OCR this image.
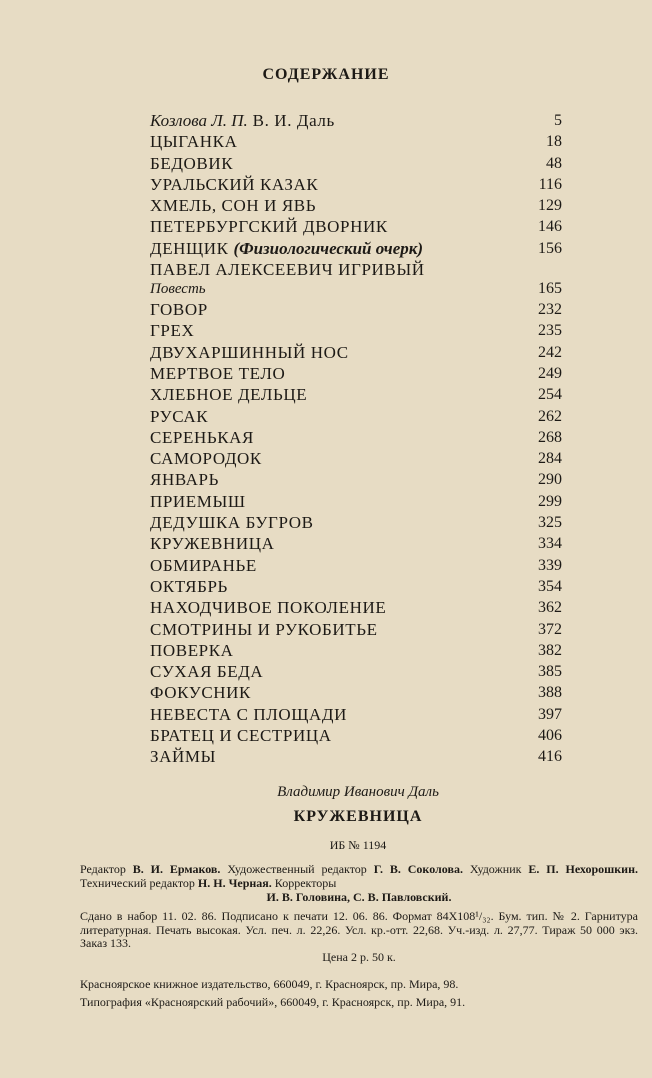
СОДЕРЖАНИЕ
Козлова Л. П. В. И. Даль	5
ЦЫГАНКА	18
БЕДОВИК	48
УРАЛЬСКИЙ КАЗАК	116
ХМЕЛЬ, СОН И ЯВЬ	129
ПЕТЕРБУРГСКИЙ ДВОРНИК	146
ДЕНЩИК (Физиологический очерк)	156
ПАВЕЛ АЛЕКСЕЕВИЧ ИГРИВЫЙ
Повесть	165
ГОВОР	232
ГРЕХ	235
ДВУХАРШИННЫЙ НОС	242
МЕРТВОЕ ТЕЛО	249
ХЛЕБНОЕ ДЕЛЬЦЕ	254
РУСАК	262
СЕРЕНЬКАЯ	268
САМОРОДОК	284
ЯНВАРЬ	290
ПРИЕМЫШ	299
ДЕДУШКА БУГРОВ	325
КРУЖЕВНИЦА	334
ОБМИРАНЬЕ	339
ОКТЯБРЬ	354
НАХОДЧИВОЕ ПОКОЛЕНИЕ	362
СМОТРИНЫ И РУКОБИТЬЕ	372
ПОВЕРКА	382
СУХАЯ БЕДА	385
ФОКУСНИК	388
НЕВЕСТА С ПЛОЩАДИ	397
БРАТЕЦ И СЕСТРИЦА	406
ЗАЙМЫ	416
Владимир Иванович Даль
КРУЖЕВНИЦА
ИБ № 1194
Редактор В. И. Ермаков. Художественный редактор Г. В. Соколова. Художник Е. П. Нехорошкин. Технический редактор Н. Н. Черная. Корректоры
И. В. Головина, С. В. Павловский.
Сдано в набор 11. 02. 86. Подписано к печати 12. 06. 86. Формат 84X108¹/₃₂. Бум. тип. № 2. Гарнитура литературная. Печать высокая. Усл. печ. л. 22,26. Усл. кр.-отт. 22,68. Уч.-изд. л. 27,77. Тираж 50 000 экз. Заказ 133.
Цена 2 р. 50 к.
Красноярское книжное издательство, 660049, г. Красноярск, пр. Мира, 98.
Типография «Красноярский рабочий», 660049, г. Красноярск, пр. Мира, 91.
